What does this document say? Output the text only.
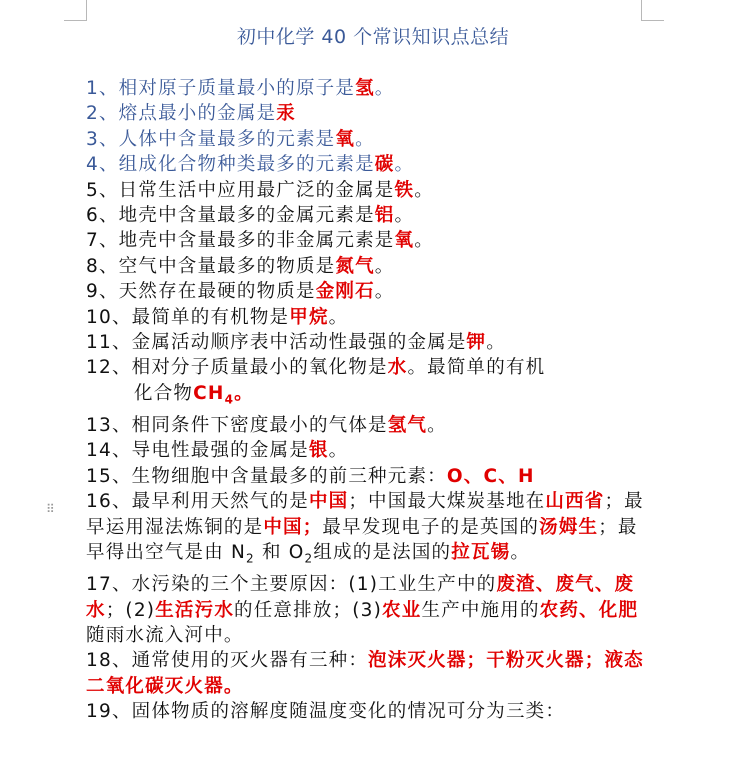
初中化学 40 个常识知识点总结
⠿
1、相对原子质量最小的原子是氢。
2、熔点最小的金属是汞
3、人体中含量最多的元素是氧。
4、组成化合物种类最多的元素是碳。
5、日常生活中应用最广泛的金属是铁。
6、地壳中含量最多的金属元素是铝。
7、地壳中含量最多的非金属元素是氧。
8、空气中含量最多的物质是氮气。
9、天然存在最硬的物质是金刚石。
10、最简单的有机物是甲烷。
11、金属活动顺序表中活动性最强的金属是钾。
12、相对分子质量最小的氧化物是水。最简单的有机
化合物$CH_4$。
13、相同条件下密度最小的气体是氢气。
14、导电性最强的金属是银。
15、生物细胞中含量最多的前三种元素：O、C、H
16、最早利用天然气的是中国；中国最大煤炭基地在山西省；最早运用湿法炼铜的是中国；最早发现电子的是英国的汤姆生；最早得出空气是由 $N_2$ 和 $O_2$组成的是法国的拉瓦锡。
17、水污染的三个主要原因：(1)工业生产中的废渣、废气、废水；(2)生活污水的任意排放；(3)农业生产中施用的农药、化肥随雨水流入河中。
18、通常使用的灭火器有三种：泡沫灭火器；干粉灭火器；液态二氧化碳灭火器。
19、固体物质的溶解度随温度变化的情况可分为三类：
